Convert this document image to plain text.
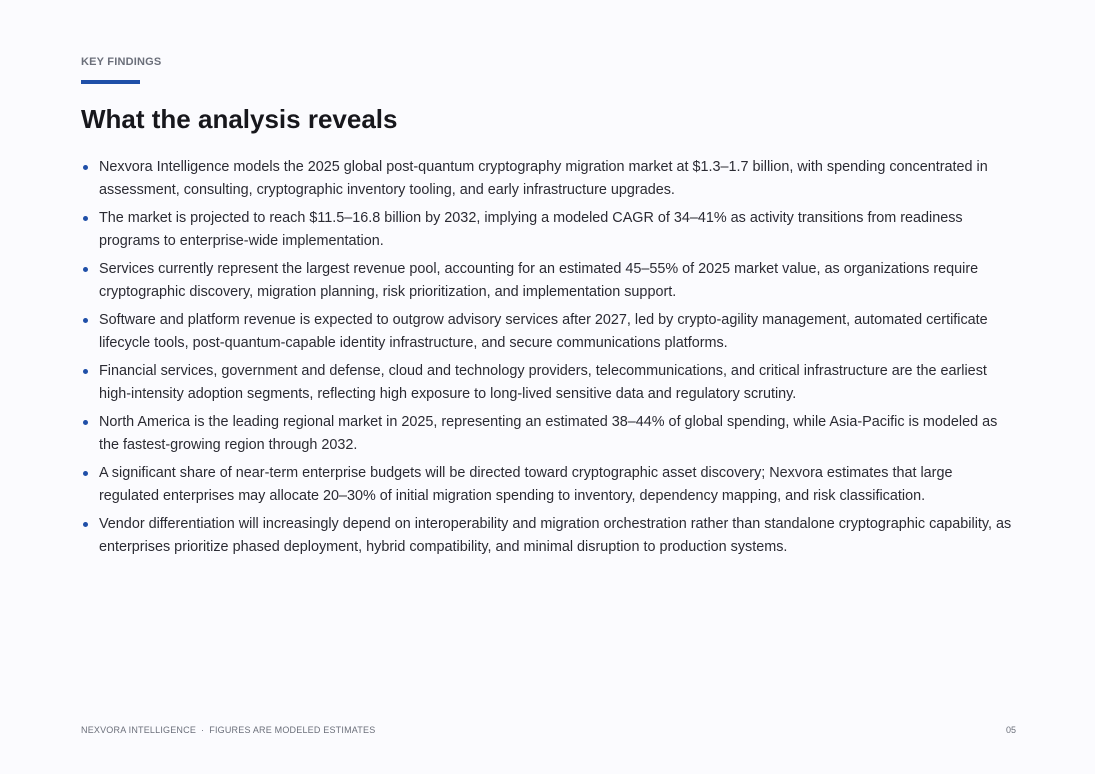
KEY FINDINGS
What the analysis reveals
Nexvora Intelligence models the 2025 global post-quantum cryptography migration market at $1.3–1.7 billion, with spending concentrated in assessment, consulting, cryptographic inventory tooling, and early infrastructure upgrades.
The market is projected to reach $11.5–16.8 billion by 2032, implying a modeled CAGR of 34–41% as activity transitions from readiness programs to enterprise-wide implementation.
Services currently represent the largest revenue pool, accounting for an estimated 45–55% of 2025 market value, as organizations require cryptographic discovery, migration planning, risk prioritization, and implementation support.
Software and platform revenue is expected to outgrow advisory services after 2027, led by crypto-agility management, automated certificate lifecycle tools, post-quantum-capable identity infrastructure, and secure communications platforms.
Financial services, government and defense, cloud and technology providers, telecommunications, and critical infrastructure are the earliest high-intensity adoption segments, reflecting high exposure to long-lived sensitive data and regulatory scrutiny.
North America is the leading regional market in 2025, representing an estimated 38–44% of global spending, while Asia-Pacific is modeled as the fastest-growing region through 2032.
A significant share of near-term enterprise budgets will be directed toward cryptographic asset discovery; Nexvora estimates that large regulated enterprises may allocate 20–30% of initial migration spending to inventory, dependency mapping, and risk classification.
Vendor differentiation will increasingly depend on interoperability and migration orchestration rather than standalone cryptographic capability, as enterprises prioritize phased deployment, hybrid compatibility, and minimal disruption to production systems.
NEXVORA INTELLIGENCE · FIGURES ARE MODELED ESTIMATES	05
